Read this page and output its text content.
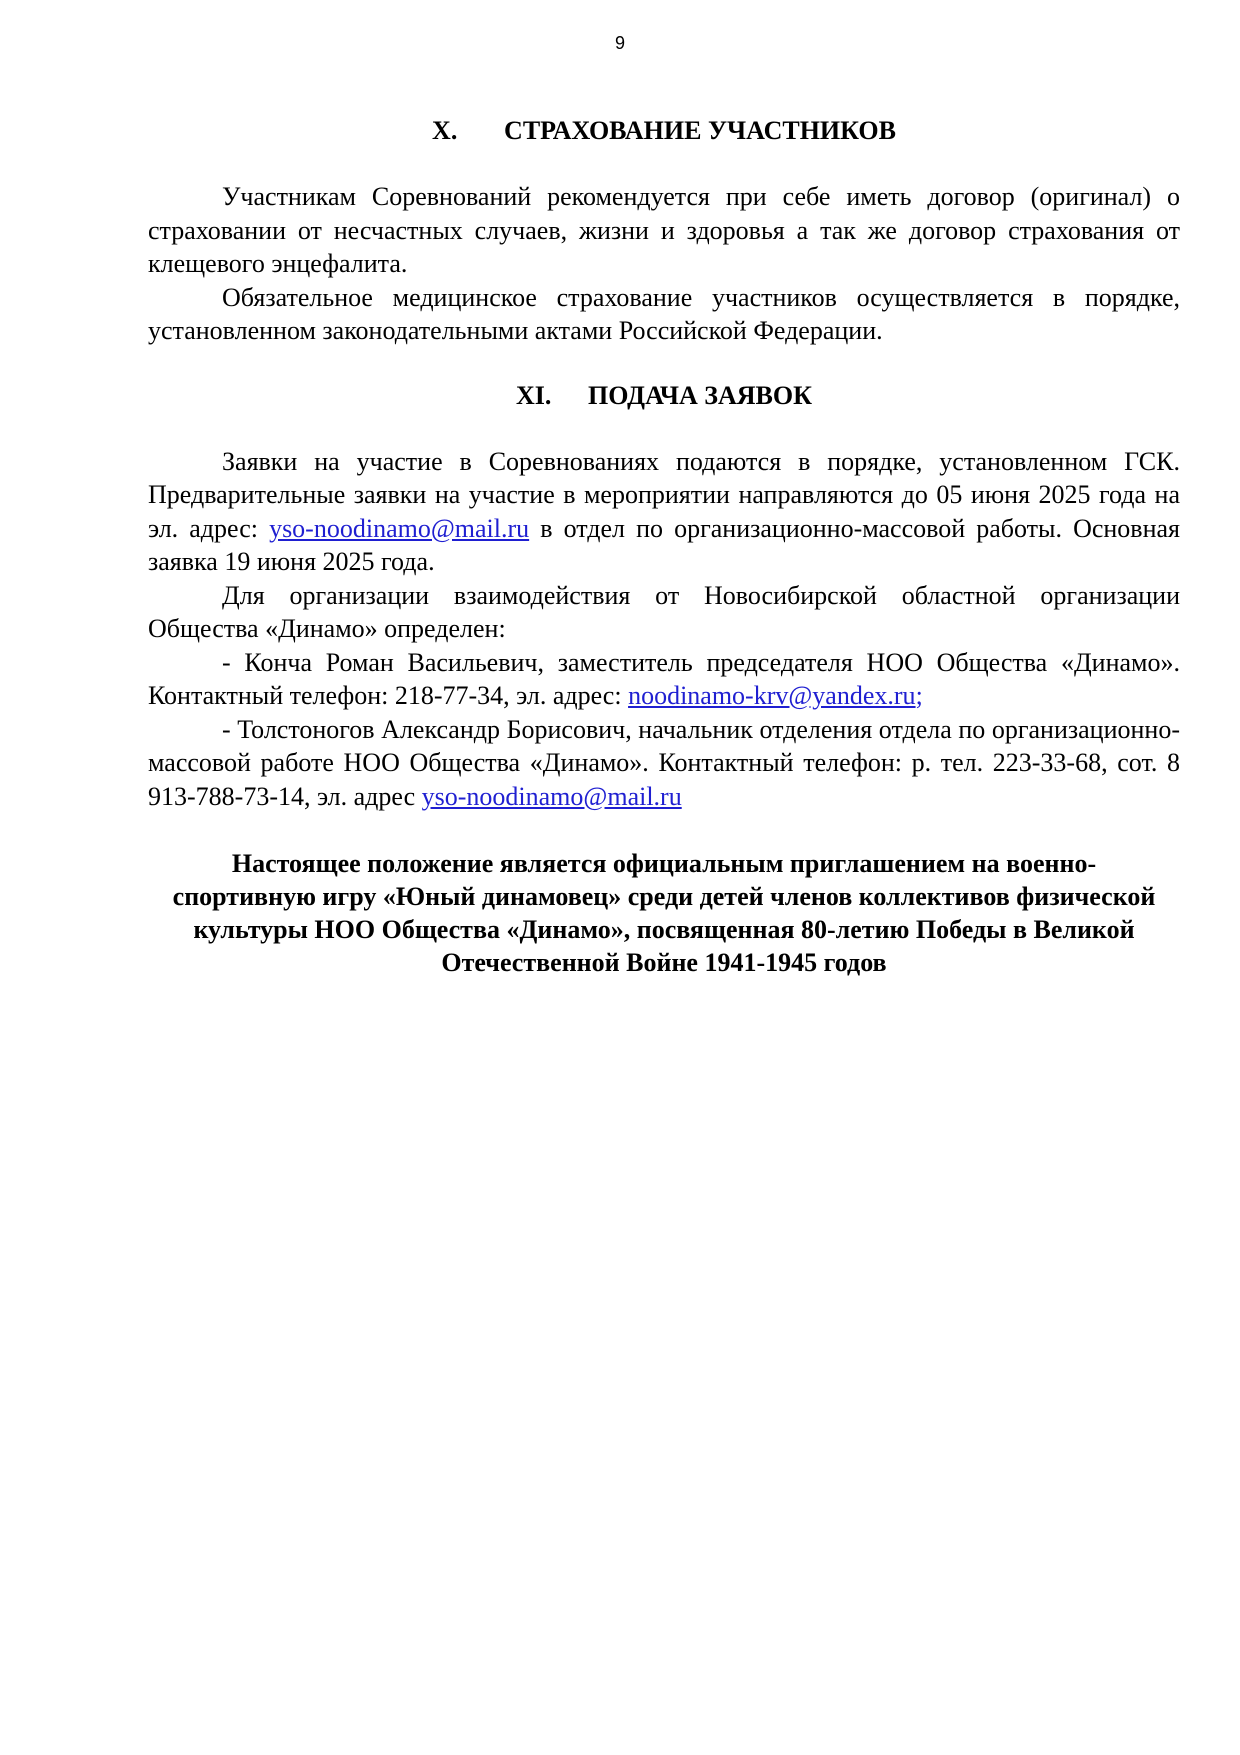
9
X. СТРАХОВАНИЕ УЧАСТНИКОВ

Участникам Соревнований рекомендуется при себе иметь договор (оригинал) о страховании от несчастных случаев, жизни и здоровья а так же договор страхования от клещевого энцефалита.

Обязательное медицинское страхование участников осуществляется в порядке, установленном законодательными актами Российской Федерации.

XI. ПОДАЧА ЗАЯВОК

Заявки на участие в Соревнованиях подаются в порядке, установленном ГСК. Предварительные заявки на участие в мероприятии направляются до 05 июня 2025 года на эл. адрес: yso-noodinamo@mail.ru в отдел по организационно-массовой работы. Основная заявка 19 июня 2025 года.

Для организации взаимодействия от Новосибирской областной организации Общества «Динамо» определен:

- Конча Роман Васильевич, заместитель председателя НОО Общества «Динамо». Контактный телефон: 218-77-34, эл. адрес: noodinamo-krv@yandex.ru;

- Толстоногов Александр Борисович, начальник отделения отдела по организационно-массовой работе НОО Общества «Динамо». Контактный телефон: р. тел. 223-33-68, сот. 8 913-788-73-14, эл. адрес yso-noodinamo@mail.ru

Настоящее положение является официальным приглашением на военно-спортивную игру «Юный динамовец» среди детей членов коллективов физической культуры НОО Общества «Динамо», посвященная 80-летию Победы в Великой Отечественной Войне 1941-1945 годов
